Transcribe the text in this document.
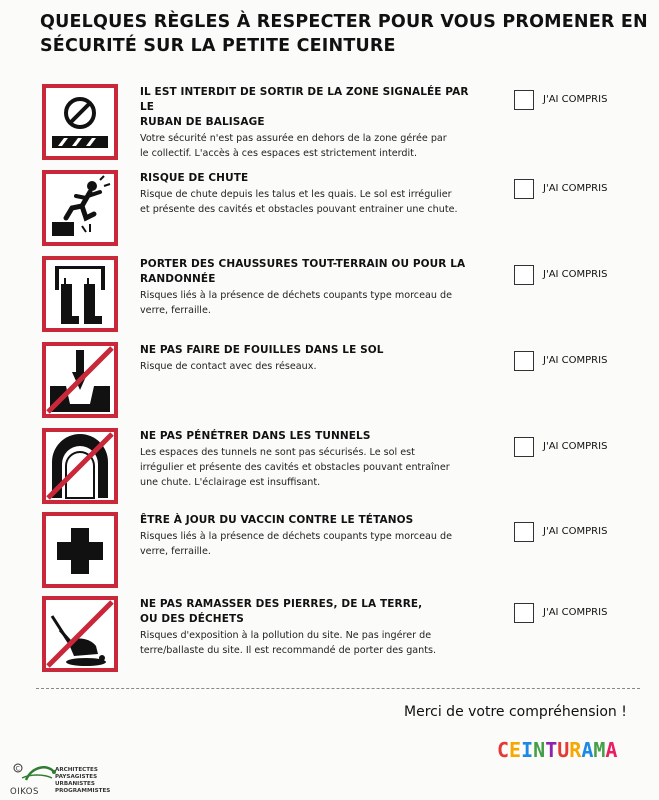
QUELQUES RÈGLES À RESPECTER POUR VOUS PROMENER EN
SÉCURITÉ SUR LA PETITE CEINTURE
IL EST INTERDIT DE SORTIR DE LA ZONE SIGNALÉE PAR LE
RUBAN DE BALISAGE
Votre sécurité n'est pas assurée en dehors de la zone gérée par
le collectif. L'accès à ces espaces est strictement interdit.
J'AI COMPRIS
RISQUE DE CHUTE
Risque de chute depuis les talus et les quais. Le sol est irrégulier
et présente des cavités et obstacles pouvant entrainer une chute.
J'AI COMPRIS
PORTER DES CHAUSSURES TOUT-TERRAIN OU POUR LA
RANDONNÉE
Risques liés à la présence de déchets coupants type morceau de
verre, ferraille.
J'AI COMPRIS
NE PAS FAIRE DE FOUILLES DANS LE SOL
Risque de contact avec des réseaux.
J'AI COMPRIS
NE PAS PÉNÉTRER DANS LES TUNNELS
Les espaces des tunnels ne sont pas sécurisés. Le sol est
irrégulier et présente des cavités et obstacles pouvant entraîner
une chute. L'éclairage est insuffisant.
J'AI COMPRIS
ÊTRE À JOUR DU VACCIN CONTRE LE TÉTANOS
Risques liés à la présence de déchets coupants type morceau de
verre, ferraille.
J'AI COMPRIS
NE PAS RAMASSER DES PIERRES, DE LA TERRE,
OU DES DÉCHETS
Risques d'exposition à la pollution du site. Ne pas ingérer de
terre/ballaste du site. Il est recommandé de porter des gants.
J'AI COMPRIS
Merci de votre compréhension !
CEINTURAMA
C
OIKOS
ARCHITECTES
PAYSAGISTES
URBANISTES
PROGRAMMISTES
